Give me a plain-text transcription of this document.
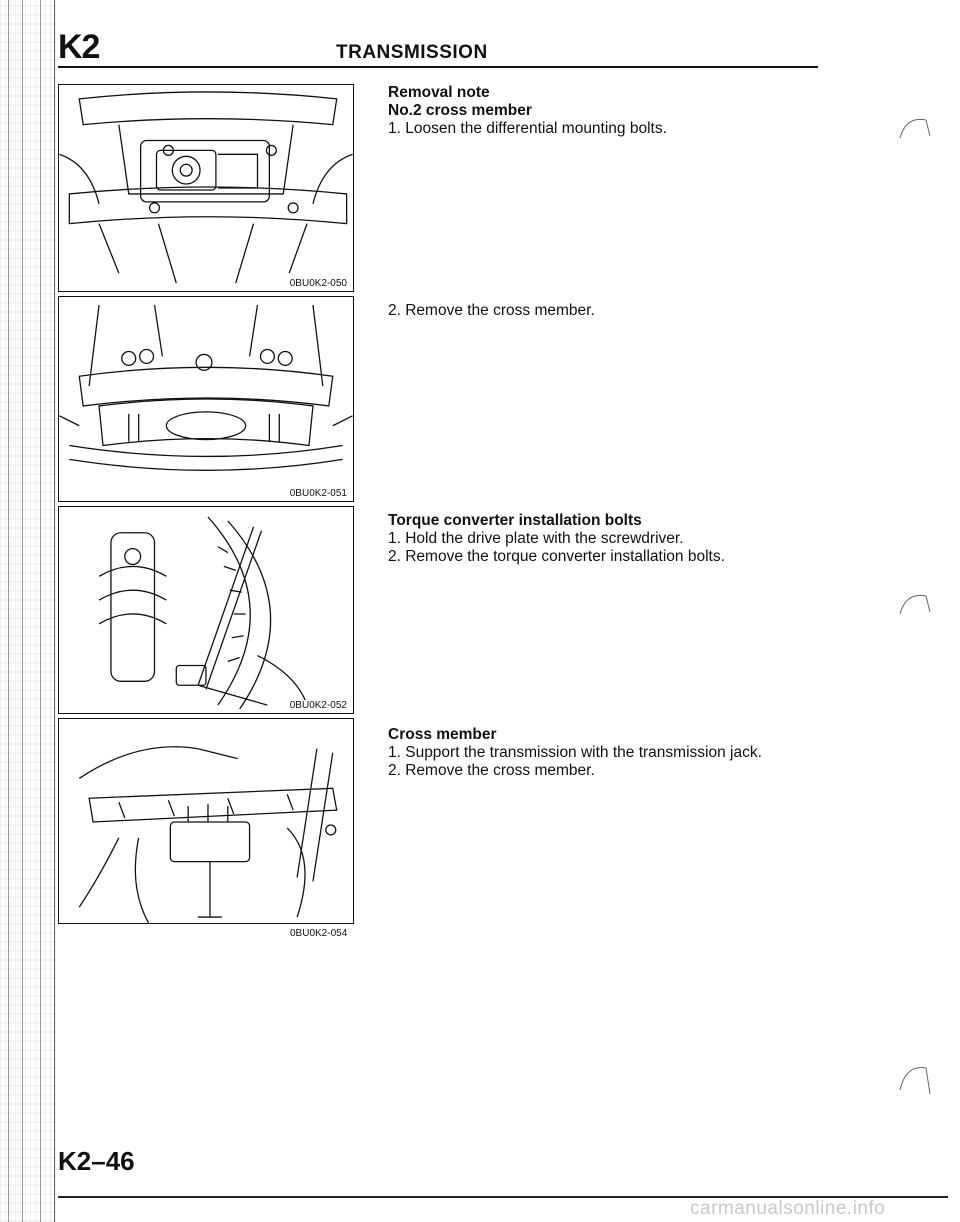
K2	TRANSMISSION
0BU0K2-050
0BU0K2-051
0BU0K2-052
0BU0K2-054
Removal note
No.2 cross member
1. Loosen the differential mounting bolts.
2. Remove the cross member.
Torque converter installation bolts
1. Hold the drive plate with the screwdriver.
2. Remove the torque converter installation bolts.
Cross member
1. Support the transmission with the transmission jack.
2. Remove the cross member.
K2–46
carmanualsonline.info
